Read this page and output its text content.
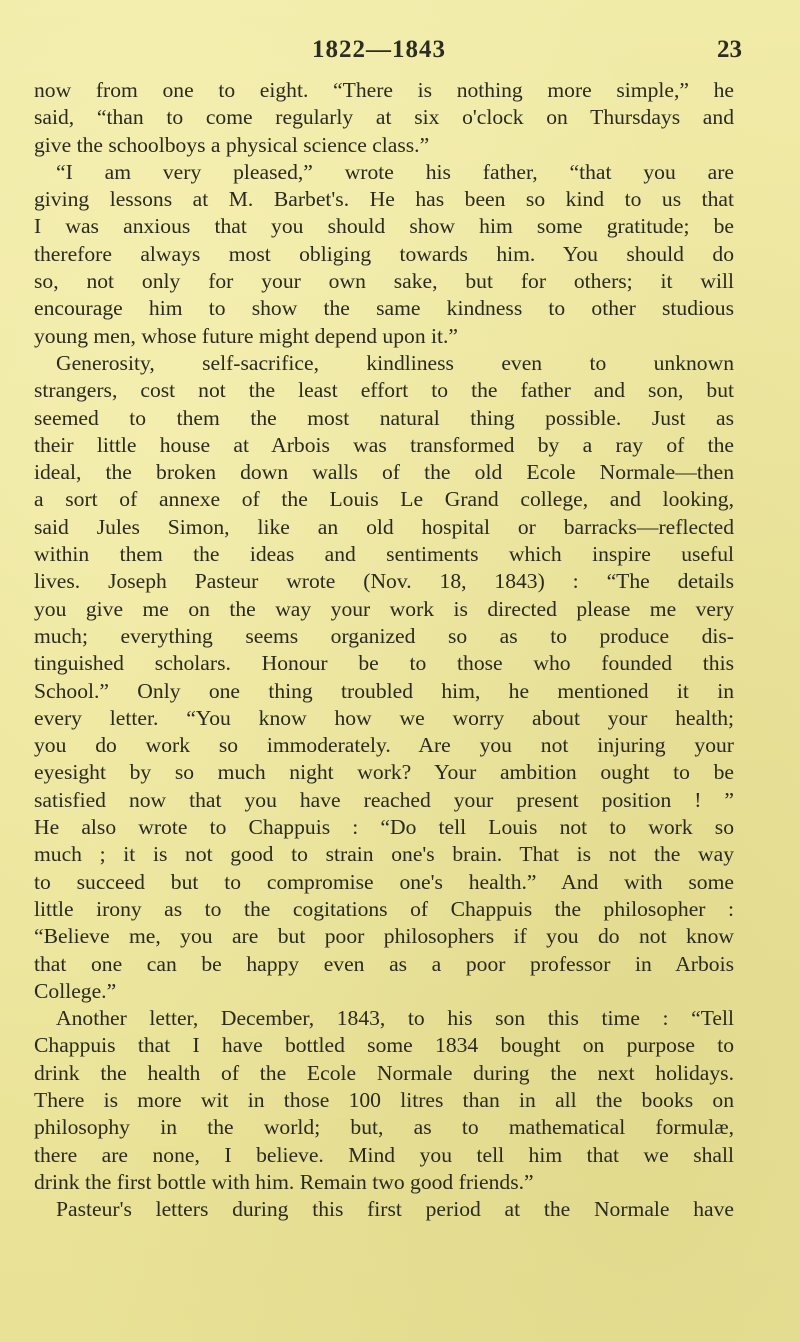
1822—1843	23
now from one to eight. “There is nothing more simple,” he
said, “than to come regularly at six o'clock on Thursdays and
give the schoolboys a physical science class.”
“I am very pleased,” wrote his father, “that you are
giving lessons at M. Barbet's. He has been so kind to us that
I was anxious that you should show him some gratitude; be
therefore always most obliging towards him. You should do
so, not only for your own sake, but for others; it will
encourage him to show the same kindness to other studious
young men, whose future might depend upon it.”
Generosity, self-sacrifice, kindliness even to unknown
strangers, cost not the least effort to the father and son, but
seemed to them the most natural thing possible. Just as
their little house at Arbois was transformed by a ray of the
ideal, the broken down walls of the old Ecole Normale—then
a sort of annexe of the Louis Le Grand college, and looking,
said Jules Simon, like an old hospital or barracks—reflected
within them the ideas and sentiments which inspire useful
lives. Joseph Pasteur wrote (Nov. 18, 1843) : “The details
you give me on the way your work is directed please me very
much; everything seems organized so as to produce dis-
tinguished scholars. Honour be to those who founded this
School.” Only one thing troubled him, he mentioned it in
every letter. “You know how we worry about your health;
you do work so immoderately. Are you not injuring your
eyesight by so much night work? Your ambition ought to be
satisfied now that you have reached your present position ! ”
He also wrote to Chappuis : “Do tell Louis not to work so
much ; it is not good to strain one's brain. That is not the way
to succeed but to compromise one's health.” And with some
little irony as to the cogitations of Chappuis the philosopher :
“Believe me, you are but poor philosophers if you do not know
that one can be happy even as a poor professor in Arbois
College.”
Another letter, December, 1843, to his son this time : “Tell
Chappuis that I have bottled some 1834 bought on purpose to
drink the health of the Ecole Normale during the next holidays.
There is more wit in those 100 litres than in all the books on
philosophy in the world; but, as to mathematical formulæ,
there are none, I believe. Mind you tell him that we shall
drink the first bottle with him. Remain two good friends.”
Pasteur's letters during this first period at the Normale have
